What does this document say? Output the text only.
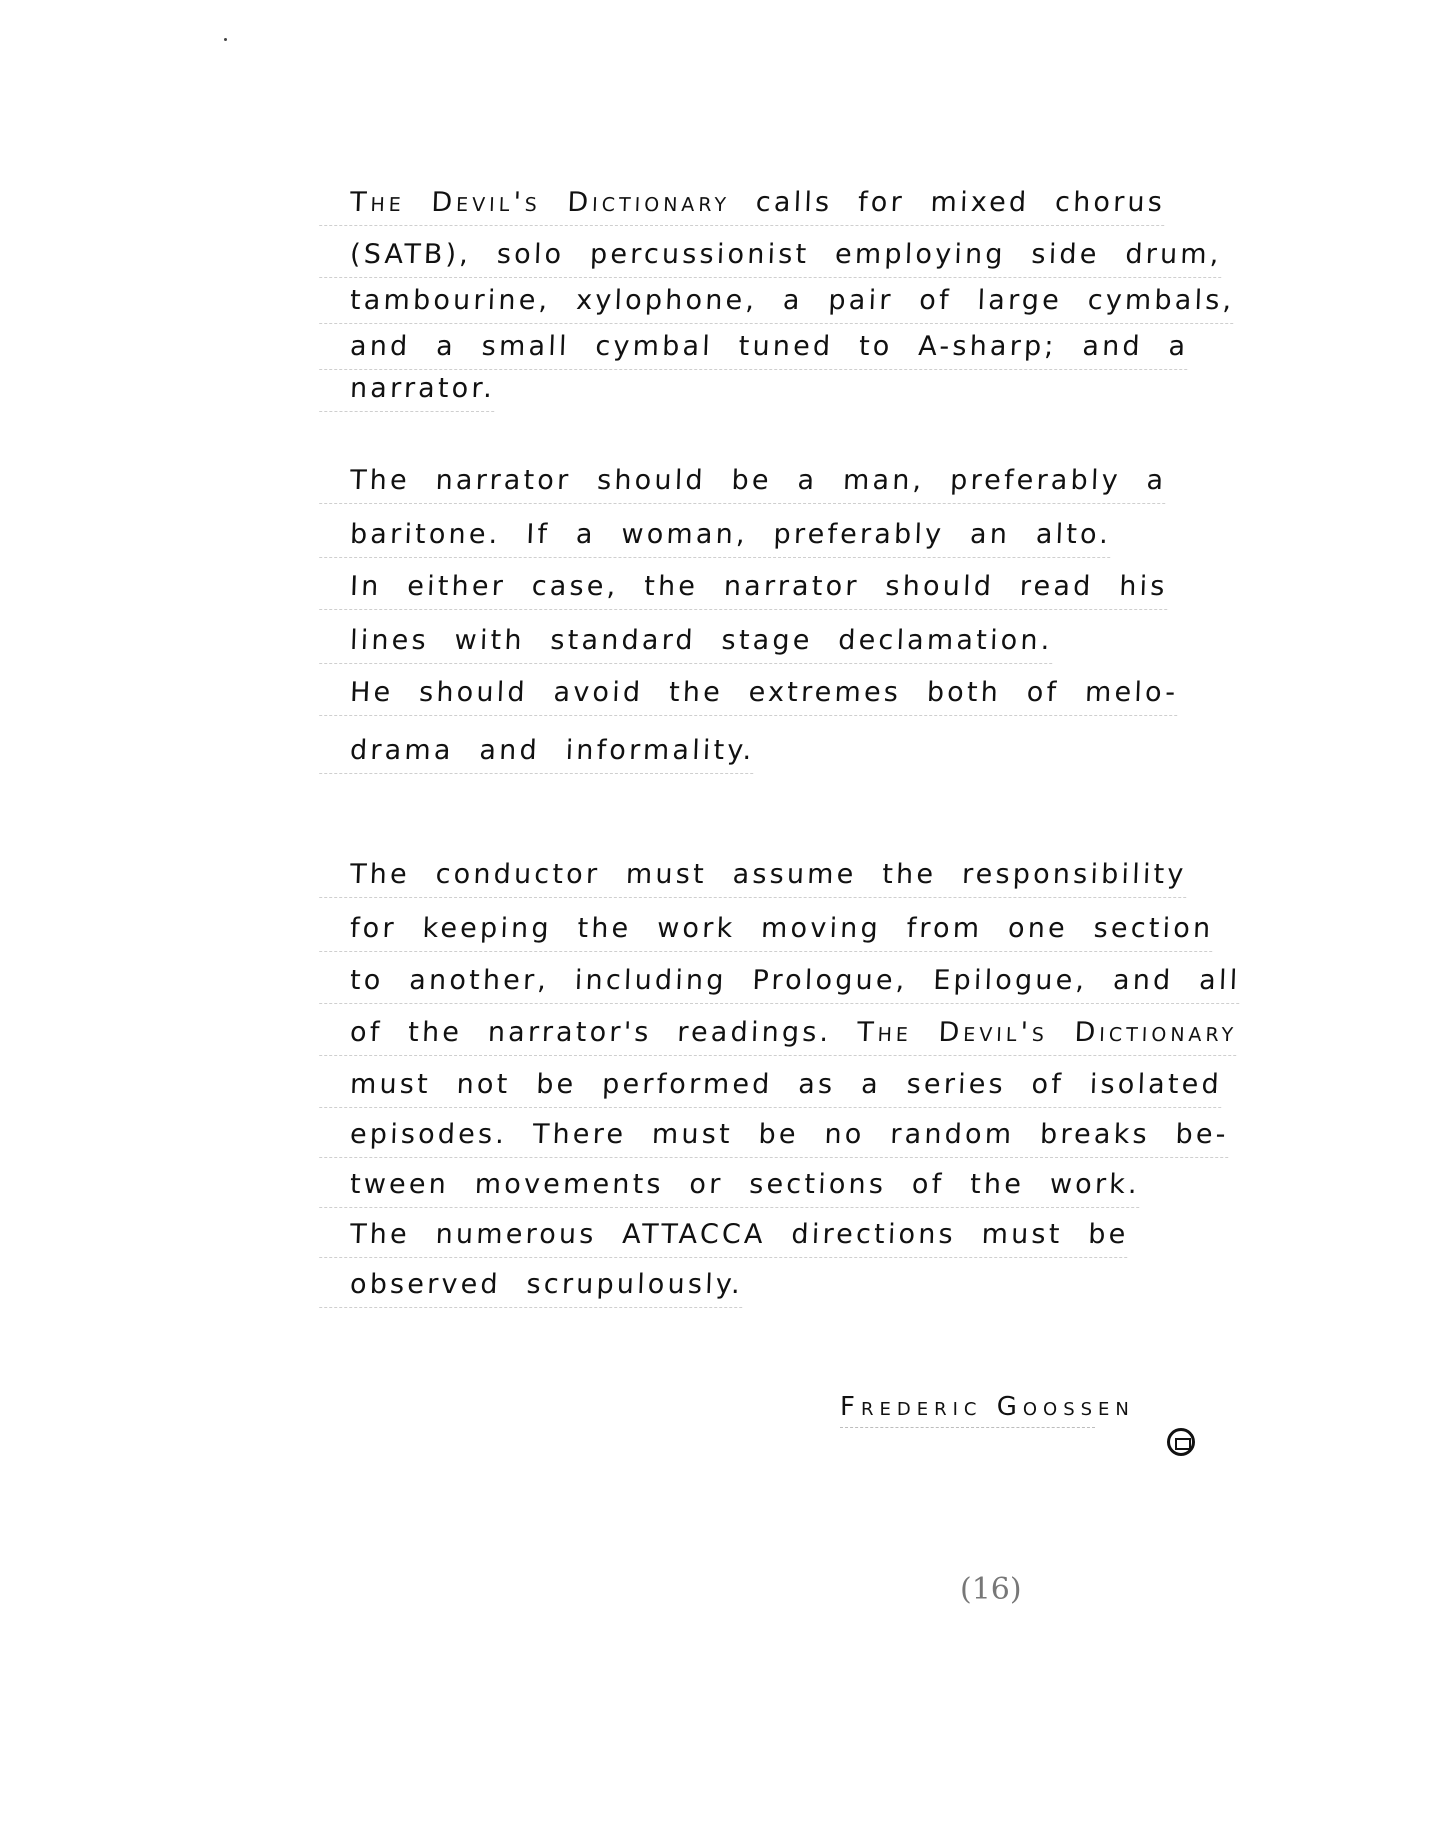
The Devil's Dictionary calls for mixed chorus
(SATB), solo percussionist employing side drum,
tambourine, xylophone, a pair of large cymbals,
and a small cymbal tuned to A-sharp; and a
narrator.
The narrator should be a man, preferably a
baritone. If a woman, preferably an alto.
In either case, the narrator should read his
lines with standard stage declamation.
He should avoid the extremes both of melo-
drama and informality.
The conductor must assume the responsibility
for keeping the work moving from one section
to another, including Prologue, Epilogue, and all
of the narrator's readings. The Devil's Dictionary
must not be performed as a series of isolated
episodes. There must be no random breaks be-
tween movements or sections of the work.
The numerous ATTACCA directions must be
observed scrupulously.
Frederic Goossen
(16)
